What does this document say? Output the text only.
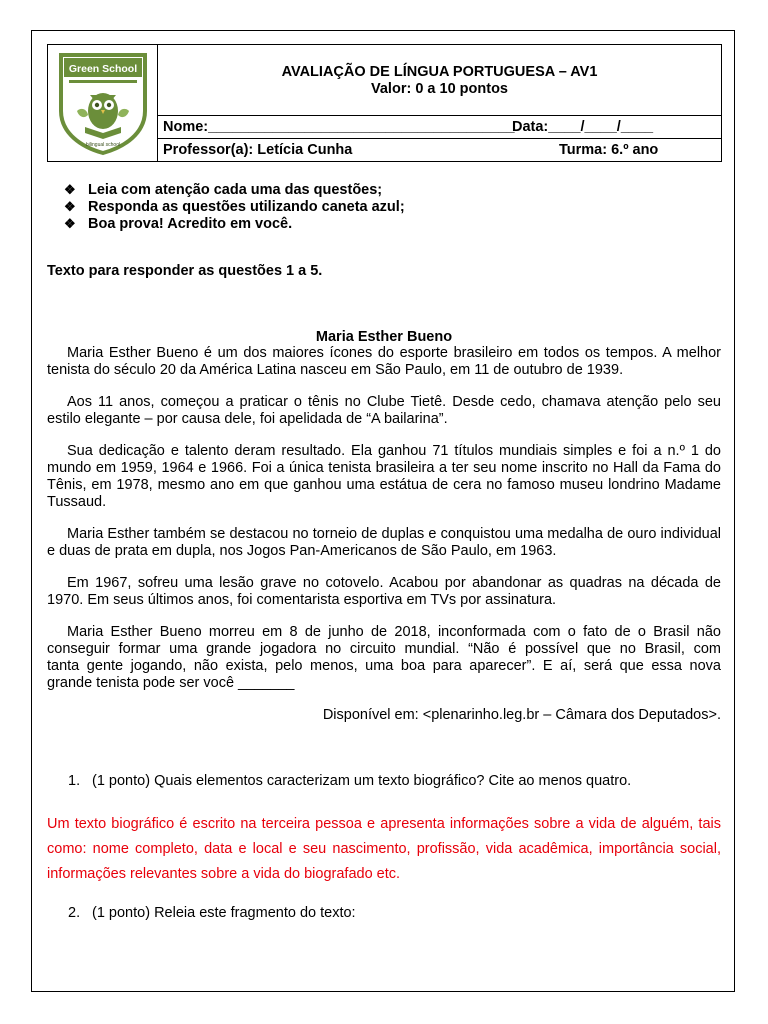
Green School
bilingual school
AVALIAÇÃO DE LÍNGUA PORTUGUESA – AV1
Valor: 0 a 10 pontos
Nome:______________________________________
Data:____/____/____
Professor(a): Letícia Cunha	Turma: 6.º ano
❖ Leia com atenção cada uma das questões;
❖ Responda as questões utilizando caneta azul;
❖ Boa prova! Acredito em você.
Texto para responder as questões 1 a 5.
Maria Esther Bueno
Maria Esther Bueno é um dos maiores ícones do esporte brasileiro em todos os tempos. A melhor tenista do século 20 da América Latina nasceu em São Paulo, em 11 de outubro de 1939.
Aos 11 anos, começou a praticar o tênis no Clube Tietê. Desde cedo, chamava atenção pelo seu estilo elegante – por causa dele, foi apelidada de “A bailarina”.
Sua dedicação e talento deram resultado. Ela ganhou 71 títulos mundiais simples e foi a n.º 1 do mundo em 1959, 1964 e 1966. Foi a única tenista brasileira a ter seu nome inscrito no Hall da Fama do Tênis, em 1978, mesmo ano em que ganhou uma estátua de cera no famoso museu londrino Madame Tussaud.
Maria Esther também se destacou no torneio de duplas e conquistou uma medalha de ouro individual e duas de prata em dupla, nos Jogos Pan-Americanos de São Paulo, em 1963.
Em 1967, sofreu uma lesão grave no cotovelo. Acabou por abandonar as quadras na década de 1970. Em seus últimos anos, foi comentarista esportiva em TVs por assinatura.
Maria Esther Bueno morreu em 8 de junho de 2018, inconformada com o fato de o Brasil não
conseguir formar uma grande jogadora no circuito mundial. “Não é possível que no Brasil, com
tanta gente jogando, não exista, pelo menos, uma boa para aparecer”. E aí, será que essa nova
grande tenista pode ser você _______
Disponível em: <plenarinho.leg.br – Câmara dos Deputados>.
1. (1 ponto) Quais elementos caracterizam um texto biográfico? Cite ao menos quatro.
Um texto biográfico é escrito na terceira pessoa e apresenta informações sobre a vida de alguém, tais como: nome completo, data e local e seu nascimento, profissão, vida acadêmica, importância social, informações relevantes sobre a vida do biografado etc.
2. (1 ponto) Releia este fragmento do texto:
